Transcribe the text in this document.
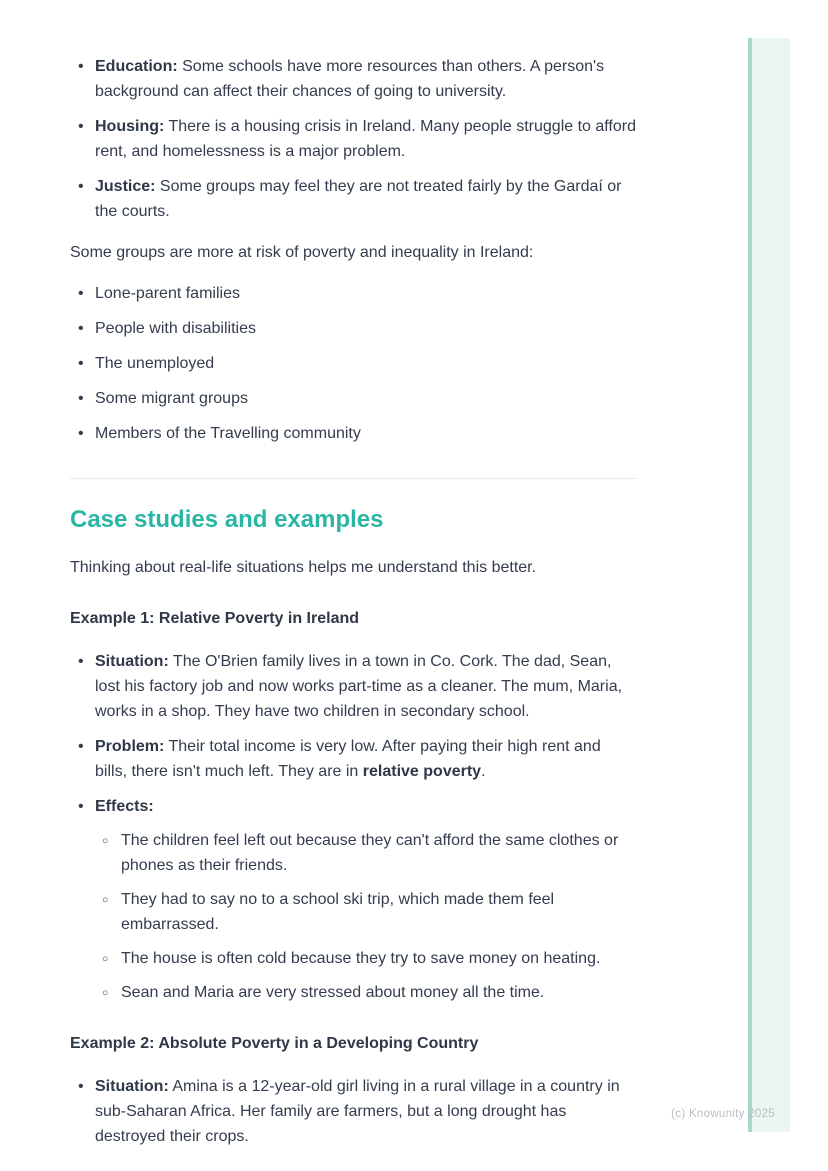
• Education: Some schools have more resources than others. A person's background can affect their chances of going to university.
• Housing: There is a housing crisis in Ireland. Many people struggle to afford rent, and homelessness is a major problem.
• Justice: Some groups may feel they are not treated fairly by the Gardaí or the courts.

Some groups are more at risk of poverty and inequality in Ireland:

• Lone-parent families
• People with disabilities
• The unemployed
• Some migrant groups
• Members of the Travelling community
Case studies and examples

Thinking about real-life situations helps me understand this better.

Example 1: Relative Poverty in Ireland

• Situation: The O'Brien family lives in a town in Co. Cork. The dad, Sean, lost his factory job and now works part-time as a cleaner. The mum, Maria, works in a shop. They have two children in secondary school.
• Problem: Their total income is very low. After paying their high rent and bills, there isn't much left. They are in relative poverty.
• Effects:
○ The children feel left out because they can't afford the same clothes or phones as their friends.
○ They had to say no to a school ski trip, which made them feel embarrassed.
○ The house is often cold because they try to save money on heating.
○ Sean and Maria are very stressed about money all the time.

Example 2: Absolute Poverty in a Developing Country

• Situation: Amina is a 12-year-old girl living in a rural village in a country in sub-Saharan Africa. Her family are farmers, but a long drought has destroyed their crops.
(c) Knowunity 2025
